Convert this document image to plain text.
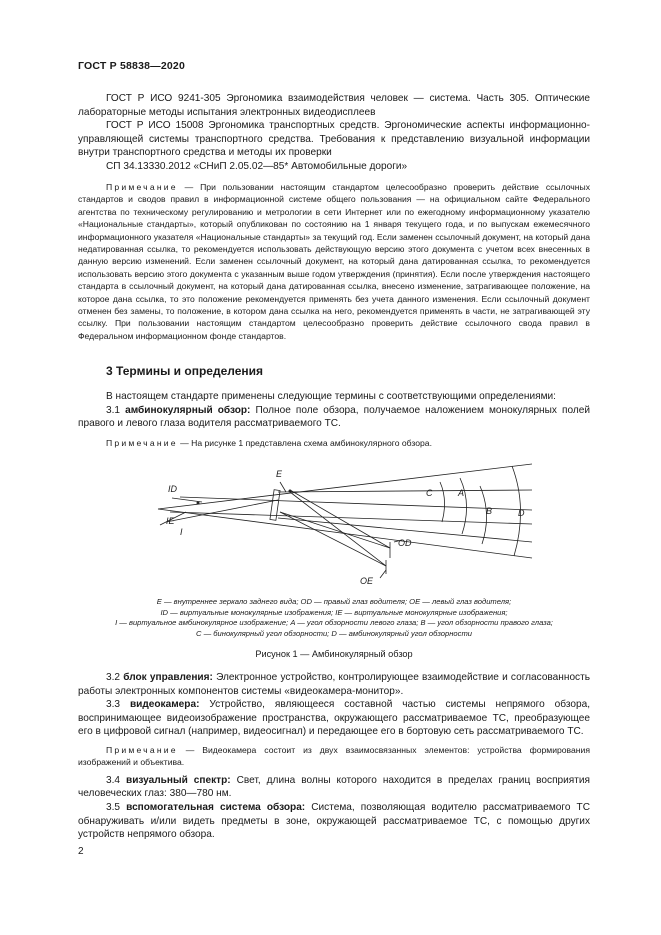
ГОСТ Р 58838—2020

ГОСТ Р ИСО 9241-305 Эргономика взаимодействия человек — система. Часть 305. Оптические лабораторные методы испытания электронных видеодисплеев

ГОСТ Р ИСО 15008 Эргономика транспортных средств. Эргономические аспекты информационно-управляющей системы транспортного средства. Требования к представлению визуальной информации внутри транспортного средства и методы их проверки

СП 34.13330.2012 «СНиП 2.05.02—85* Автомобильные дороги»

Примечание — При пользовании настоящим стандартом целесообразно проверить действие ссылочных стандартов и сводов правил в информационной системе общего пользования — на официальном сайте Федерального агентства по техническому регулированию и метрологии в сети Интернет или по ежегодному информационному указателю «Национальные стандарты», который опубликован по состоянию на 1 января текущего года, и по выпускам ежемесячного информационного указателя «Национальные стандарты» за текущий год. Если заменен ссылочный документ, на который дана недатированная ссылка, то рекомендуется использовать действующую версию этого документа с учетом всех внесенных в данную версию изменений. Если заменен ссылочный документ, на который дана датированная ссылка, то рекомендуется использовать версию этого документа с указанным выше годом утверждения (принятия). Если после утверждения настоящего стандарта в ссылочный документ, на который дана датированная ссылка, внесено изменение, затрагивающее положение, на которое дана ссылка, то это положение рекомендуется применять без учета данного изменения. Если ссылочный документ отменен без замены, то положение, в котором дана ссылка на него, рекомендуется применять в части, не затрагивающей эту ссылку. При пользовании настоящим стандартом целесообразно проверить действие ссылочного свода правил в Федеральном информационном фонде стандартов.

3 Термины и определения

В настоящем стандарте применены следующие термины с соответствующими определениями:

3.1 амбинокулярный обзор: Полное поле обзора, получаемое наложением монокулярных полей правого и левого глаза водителя рассматриваемого ТС.

Примечание — На рисунке 1 представлена схема амбинокулярного обзора.

E
ID
IE
I
C	A
B	D
OD
OE
E — внутреннее зеркало заднего вида; OD — правый глаз водителя; OE — левый глаз водителя;
ID — виртуальные монокулярные изображения; IE — виртуальные монокулярные изображения;
I — виртуальное амбинокулярное изображение; A — угол обзорности левого глаза; B — угол обзорности правого глаза;
C — бинокулярный угол обзорности; D — амбинокулярный угол обзорности
Рисунок 1 — Амбинокулярный обзор

3.2 блок управления: Электронное устройство, контролирующее взаимодействие и согласованность работы электронных компонентов системы «видеокамера-монитор».

3.3 видеокамера: Устройство, являющееся составной частью системы непрямого обзора, воспринимающее видеоизображение пространства, окружающего рассматриваемое ТС, преобразующее его в цифровой сигнал (например, видеосигнал) и передающее его в бортовую сеть рассматриваемого ТС.

Примечание — Видеокамера состоит из двух взаимосвязанных элементов: устройства формирования изображений и объектива.

3.4 визуальный спектр: Свет, длина волны которого находится в пределах границ восприятия человеческих глаз: 380—780 нм.

3.5 вспомогательная система обзора: Система, позволяющая водителю рассматриваемого ТС обнаруживать и/или видеть предметы в зоне, окружающей рассматриваемое ТС, с помощью других устройств непрямого обзора.

2
